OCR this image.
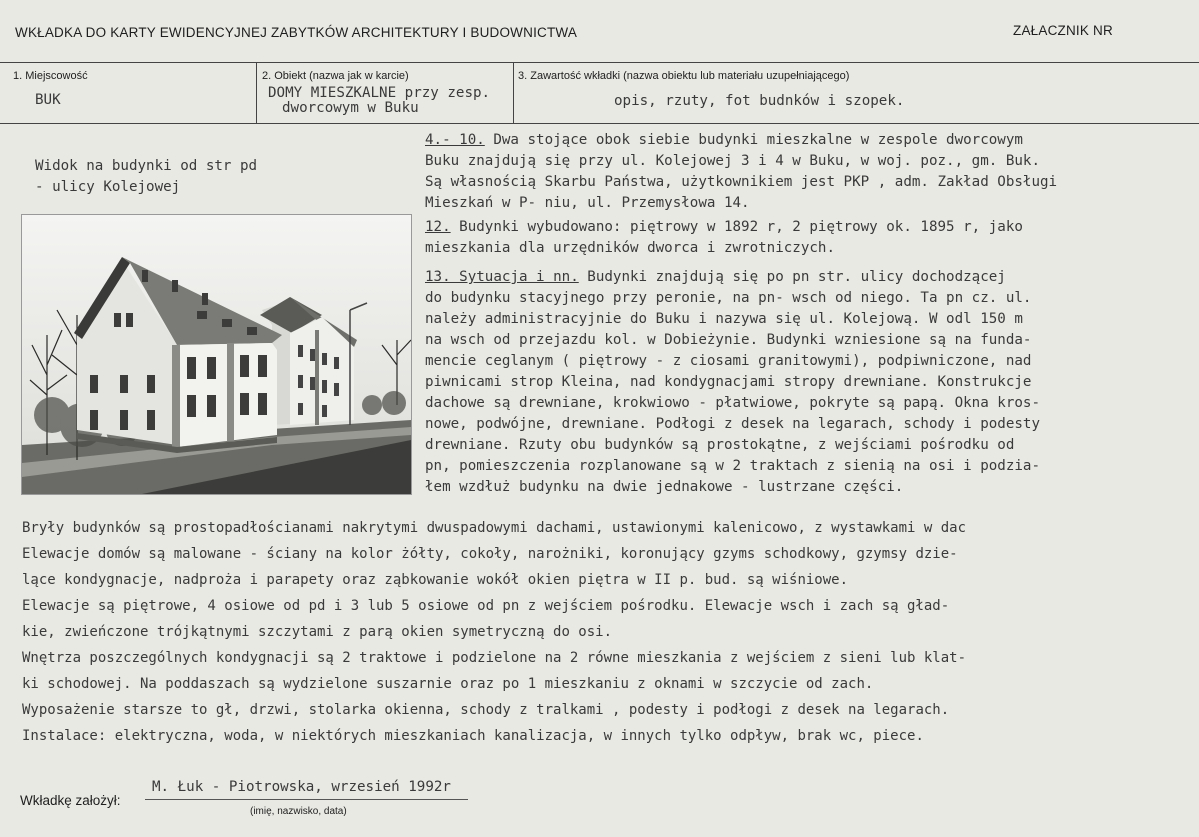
WKŁADKA DO KARTY EWIDENCYJNEJ ZABYTKÓW ARCHITEKTURY I BUDOWNICTWA	ZAŁACZNIK NR
1. Miejscowość
BUK
2. Obiekt (nazwa jak w karcie)
DOMY MIESZKALNE przy zesp.
dworcowym w Buku
3. Zawartość wkładki (nazwa obiektu lub materiału uzupełniającego)
opis, rzuty, fot budnków i szopek.
Widok na budynki od str pd
- ulicy Kolejowej
4.- 10. Dwa stojące obok siebie budynki mieszkalne w zespole dworcowym
Buku znajdują się przy ul. Kolejowej 3 i 4 w Buku, w woj. poz., gm. Buk.
Są własnością Skarbu Państwa, użytkownikiem jest PKP , adm. Zakład Obsługi
Mieszkań w P- niu, ul. Przemysłowa 14.
12. Budynki wybudowano: piętrowy w 1892 r, 2 piętrowy ok. 1895 r, jako
mieszkania dla urzędników dworca i zwrotniczych.
13. Sytuacja i nn. Budynki znajdują się po pn str. ulicy dochodzącej
do budynku stacyjnego przy peronie, na pn- wsch od niego. Ta pn cz. ul.
należy administracyjnie do Buku i nazywa się ul. Kolejową. W odl 150 m
na wsch od przejazdu kol. w Dobieżynie. Budynki wzniesione są na funda-
mencie ceglanym ( piętrowy - z ciosami granitowymi), podpiwniczone, nad
piwnicami strop Kleina, nad kondygnacjami stropy drewniane. Konstrukcje
dachowe są drewniane, krokwiowo - płatwiowe, pokryte są papą. Okna kros-
nowe, podwójne, drewniane. Podłogi z desek na legarach, schody i podesty
drewniane. Rzuty obu budynków są prostokątne, z wejściami pośrodku od
pn, pomieszczenia rozplanowane są w 2 traktach z sienią na osi i podzia-
łem wzdłuż budynku na dwie jednakowe - lustrzane części.
Bryły budynków są prostopadłościanami nakrytymi dwuspadowymi dachami, ustawionymi kalenicowo, z wystawkami w dac
Elewacje domów są malowane - ściany na kolor żółty, cokoły, narożniki, koronujący gzyms schodkowy, gzymsy dzie-
lące kondygnacje, nadproża i parapety oraz ząbkowanie wokół okien piętra w II p. bud. są wiśniowe.
Elewacje są piętrowe, 4 osiowe od pd i 3 lub 5 osiowe od pn z wejściem pośrodku. Elewacje wsch i zach są gład-
kie, zwieńczone trójkątnymi szczytami z parą okien symetryczną do osi.
Wnętrza poszczególnych kondygnacji są 2 traktowe i podzielone na 2 równe mieszkania z wejściem z sieni lub klat-
ki schodowej. Na poddaszach są wydzielone suszarnie oraz po 1 mieszkaniu z oknami w szczycie od zach.
Wyposażenie starsze to gł, drzwi, stolarka okienna, schody z tralkami , podesty i podłogi z desek na legarach.
Instalace: elektryczna, woda, w niektórych mieszkaniach kanalizacja, w innych tylko odpływ, brak wc, piece.
Wkładkę założył:
M. Łuk - Piotrowska, wrzesień 1992r
(imię, nazwisko, data)
